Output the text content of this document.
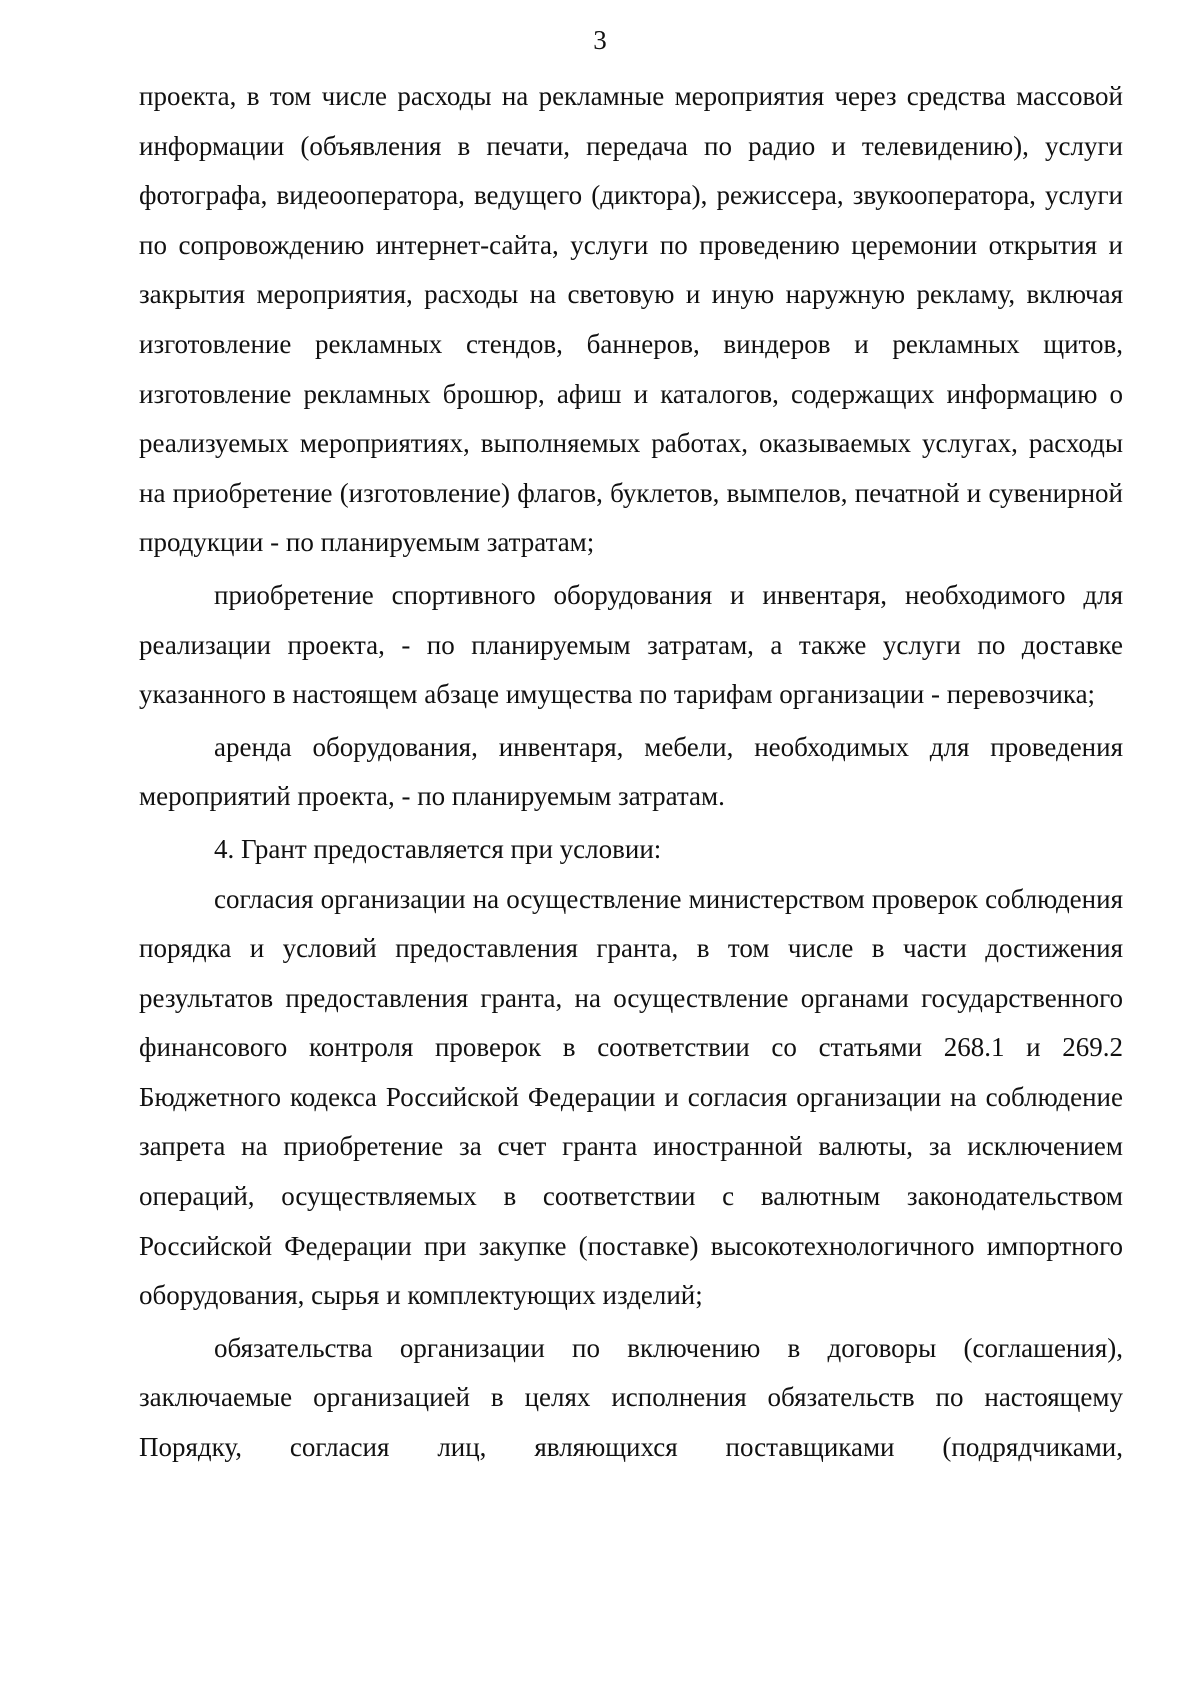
3

проекта, в том числе расходы на рекламные мероприятия через средства массовой информации (объявления в печати, передача по радио и телевидению), услуги фотографа, видеооператора, ведущего (диктора), режиссера, звукооператора, услуги по сопровождению интернет-сайта, услуги по проведению церемонии открытия и закрытия мероприятия, расходы на световую и иную наружную рекламу, включая изготовление рекламных стендов, баннеров, виндеров и рекламных щитов, изготовление рекламных брошюр, афиш и каталогов, содержащих информацию о реализуемых мероприятиях, выполняемых работах, оказываемых услугах, расходы на приобретение (изготовление) флагов, буклетов, вымпелов, печатной и сувенирной продукции - по планируемым затратам;

приобретение спортивного оборудования и инвентаря, необходимого для реализации проекта, - по планируемым затратам, а также услуги по доставке указанного в настоящем абзаце имущества по тарифам организации - перевозчика;

аренда оборудования, инвентаря, мебели, необходимых для проведения мероприятий проекта, - по планируемым затратам.

4. Грант предоставляется при условии:

согласия организации на осуществление министерством проверок соблюдения порядка и условий предоставления гранта, в том числе в части достижения результатов предоставления гранта, на осуществление органами государственного финансового контроля проверок в соответствии со статьями 268.1 и 269.2 Бюджетного кодекса Российской Федерации и согласия организации на соблюдение запрета на приобретение за счет гранта иностранной валюты, за исключением операций, осуществляемых в соответствии с валютным законодательством Российской Федерации при закупке (поставке) высокотехнологичного импортного оборудования, сырья и комплектующих изделий;

обязательства организации по включению в договоры (соглашения), заключаемые организацией в целях исполнения обязательств по настоящему Порядку, согласия лиц, являющихся поставщиками (подрядчиками,
